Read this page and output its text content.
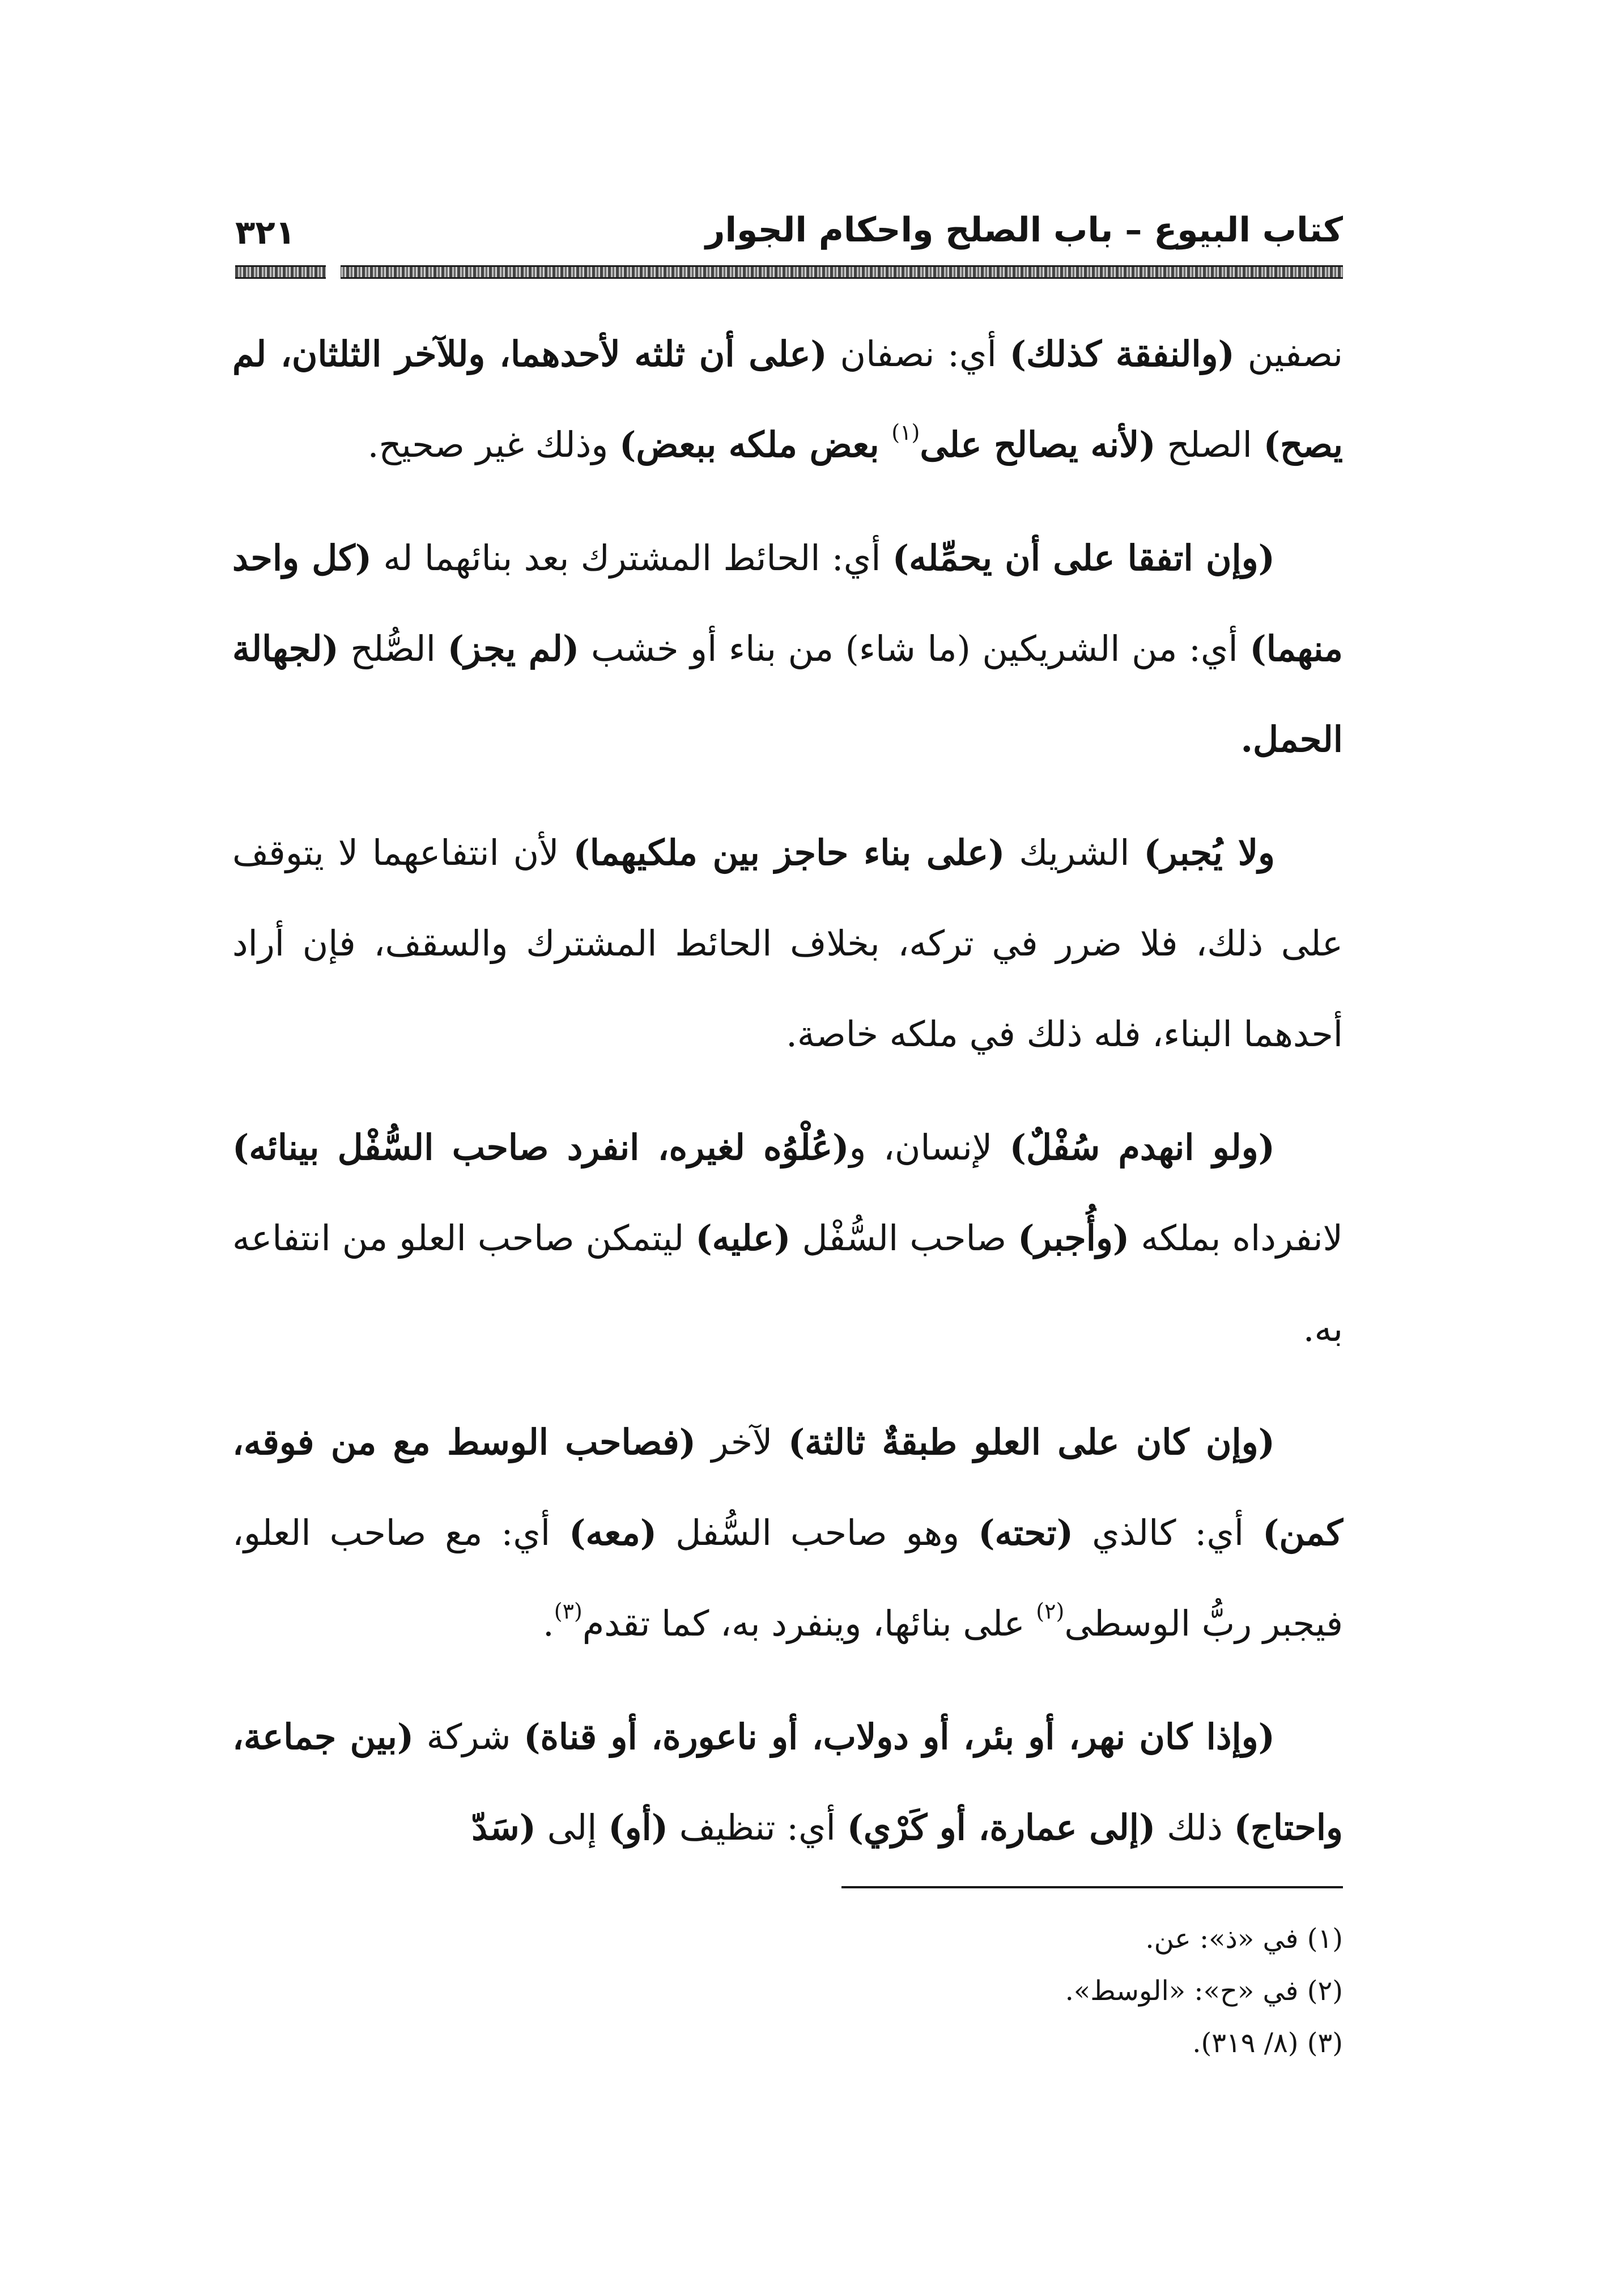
كتاب البيوع – باب الصلح واحكام الجوار
٣٢١

نصفين (والنفقة كذلك) أي: نصفان (على أن ثلثه لأحدهما، وللآخر الثلثان، لم يصح) الصلح (لأنه يصالح على$^{(١)}$ بعض ملكه ببعض) وذلك غير صحيح.

(وإن اتفقا على أن يحمِّله) أي: الحائط المشترك بعد بنائهما له (كل واحد منهما) أي: من الشريكين (ما شاء) من بناء أو خشب (لم يجز) الصُّلح (لجهالة الحمل.

ولا يُجبر) الشريك (على بناء حاجز بين ملكيهما) لأن انتفاعهما لا يتوقف على ذلك، فلا ضرر في تركه، بخلاف الحائط المشترك والسقف، فإن أراد أحدهما البناء، فله ذلك في ملكه خاصة.

(ولو انهدم سُفْلٌ) لإنسان، و(عُلْوُه لغيره، انفرد صاحب السُّفْل بينائه) لانفرداه بملكه (وأُجبر) صاحب السُّفْل (عليه) ليتمكن صاحب العلو من انتفاعه به.

(وإن كان على العلو طبقةٌ ثالثة) لآخر (فصاحب الوسط مع من فوقه، كمن) أي: كالذي (تحته) وهو صاحب السُّفل (معه) أي: مع صاحب العلو، فيجبر ربُّ الوسطى$^{(٢)}$ على بنائها، وينفرد به، كما تقدم$^{(٣)}$.

(وإذا كان نهر، أو بئر، أو دولاب، أو ناعورة، أو قناة) شركة (بين جماعة، واحتاج) ذلك (إلى عمارة، أو كَرْي) أي: تنظيف (أو) إلى (سَدّ

(١) في «ذ»: عن.
(٢) في «ح»: «الوسط».
(٣) (٨/ ٣١٩).
